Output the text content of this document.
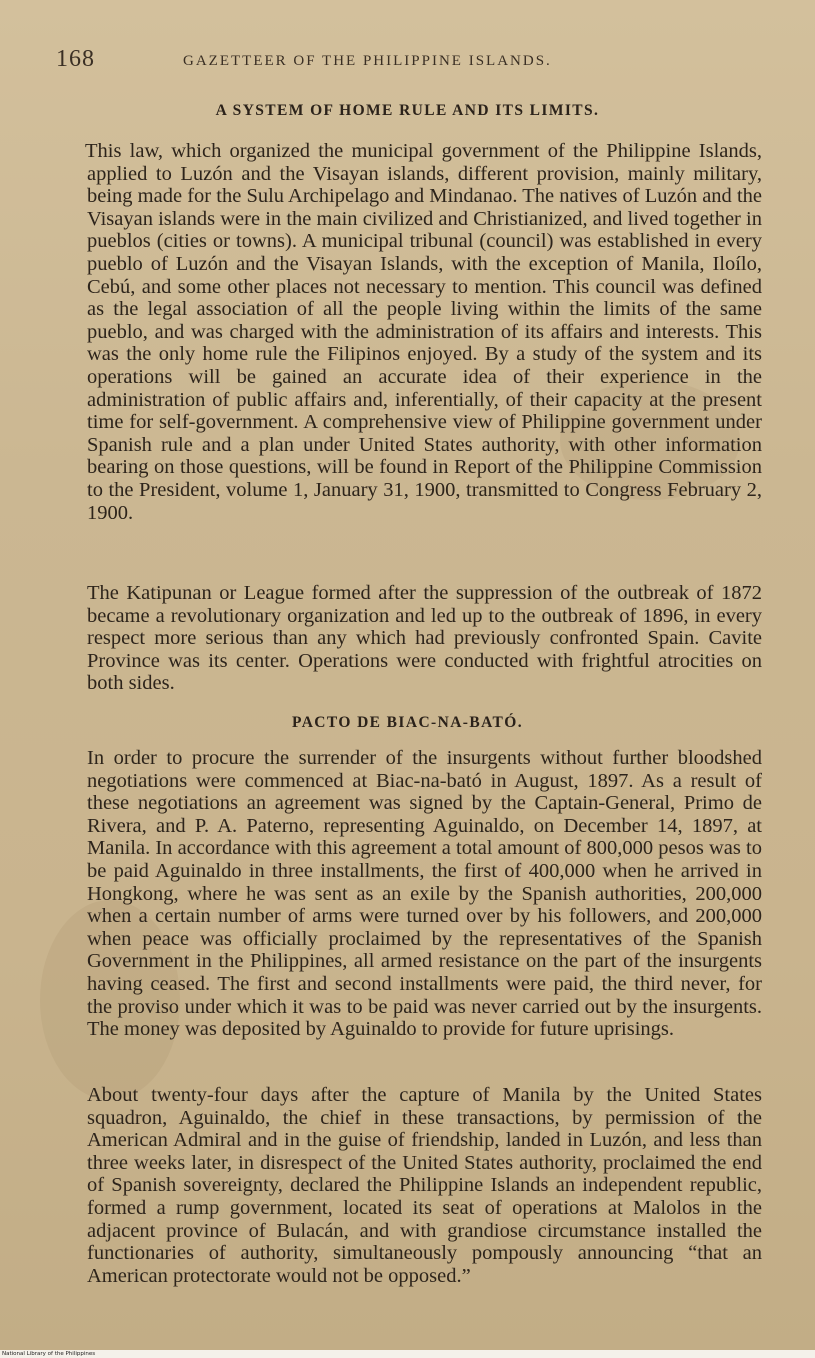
168	GAZETTEER OF THE PHILIPPINE ISLANDS.
A SYSTEM OF HOME RULE AND ITS LIMITS.

This law, which organized the municipal government of the Philippine Islands, applied to Luzón and the Visayan islands, different provision, mainly military, being made for the Sulu Archipelago and Mindanao. The natives of Luzón and the Visayan islands were in the main civilized and Christianized, and lived together in pueblos (cities or towns). A municipal tribunal (council) was established in every pueblo of Luzón and the Visayan Islands, with the exception of Manila, Iloílo, Cebú, and some other places not necessary to mention. This council was defined as the legal association of all the people living within the limits of the same pueblo, and was charged with the administration of its affairs and interests. This was the only home rule the Filipinos enjoyed. By a study of the system and its operations will be gained an accurate idea of their experience in the administration of public affairs and, inferentially, of their capacity at the present time for self-government. A comprehensive view of Philippine government under Spanish rule and a plan under United States authority, with other information bearing on those questions, will be found in Report of the Philippine Commission to the President, volume 1, January 31, 1900, transmitted to Congress February 2, 1900.

The Katipunan or League formed after the suppression of the outbreak of 1872 became a revolutionary organization and led up to the outbreak of 1896, in every respect more serious than any which had previously confronted Spain. Cavite Province was its center. Operations were conducted with frightful atrocities on both sides.

PACTO DE BIAC-NA-BATÓ.

In order to procure the surrender of the insurgents without further bloodshed negotiations were commenced at Biac-na-bató in August, 1897. As a result of these negotiations an agreement was signed by the Captain-General, Primo de Rivera, and P. A. Paterno, representing Aguinaldo, on December 14, 1897, at Manila. In accordance with this agreement a total amount of 800,000 pesos was to be paid Aguinaldo in three installments, the first of 400,000 when he arrived in Hongkong, where he was sent as an exile by the Spanish authorities, 200,000 when a certain number of arms were turned over by his followers, and 200,000 when peace was officially proclaimed by the representatives of the Spanish Government in the Philippines, all armed resistance on the part of the insurgents having ceased. The first and second installments were paid, the third never, for the proviso under which it was to be paid was never carried out by the insurgents. The money was deposited by Aguinaldo to provide for future uprisings.

About twenty-four days after the capture of Manila by the United States squadron, Aguinaldo, the chief in these transactions, by permission of the American Admiral and in the guise of friendship, landed in Luzón, and less than three weeks later, in disrespect of the United States authority, proclaimed the end of Spanish sovereignty, declared the Philippine Islands an independent republic, formed a rump government, located its seat of operations at Malolos in the adjacent province of Bulacán, and with grandiose circumstance installed the functionaries of authority, simultaneously pompously announcing “that an American protectorate would not be opposed.”

National Library of the Philippines
